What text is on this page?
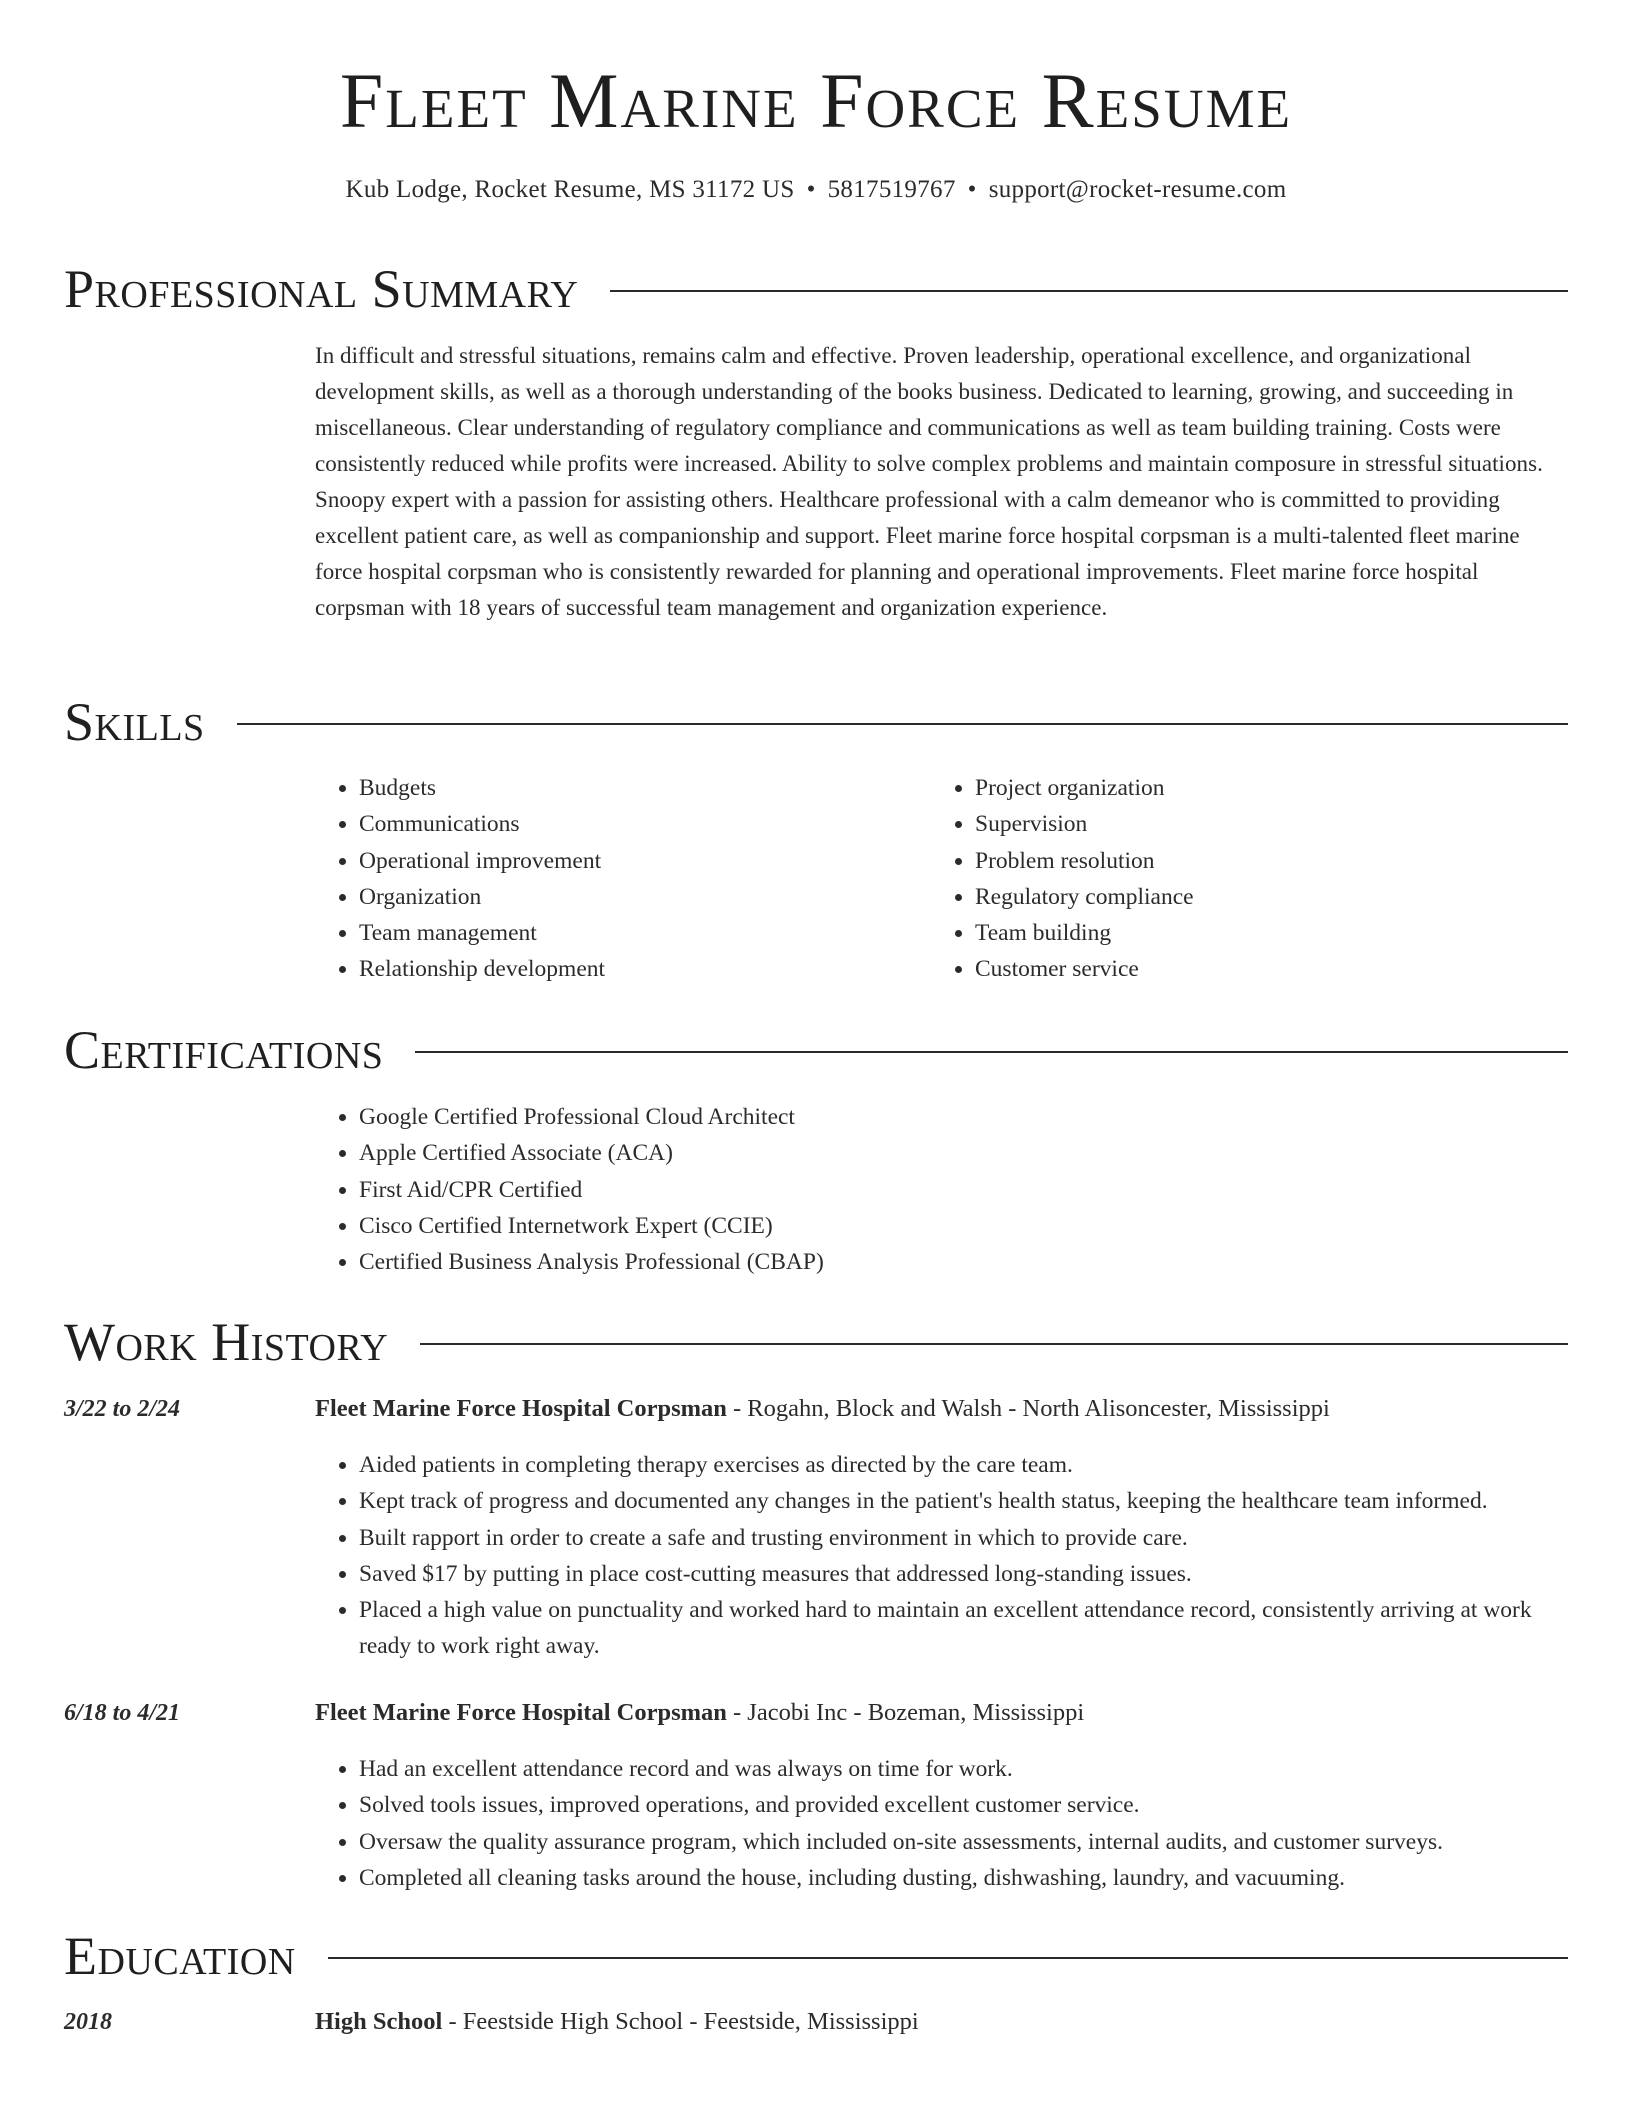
Fleet Marine Force Resume
Kub Lodge, Rocket Resume, MS 31172 US • 5817519767 • support@rocket-resume.com
Professional Summary
In difficult and stressful situations, remains calm and effective. Proven leadership, operational excellence, and organizational development skills, as well as a thorough understanding of the books business. Dedicated to learning, growing, and succeeding in miscellaneous. Clear understanding of regulatory compliance and communications as well as team building training. Costs were consistently reduced while profits were increased. Ability to solve complex problems and maintain composure in stressful situations. Snoopy expert with a passion for assisting others. Healthcare professional with a calm demeanor who is committed to providing excellent patient care, as well as companionship and support. Fleet marine force hospital corpsman is a multi-talented fleet marine force hospital corpsman who is consistently rewarded for planning and operational improvements. Fleet marine force hospital corpsman with 18 years of successful team management and organization experience.
Skills
• Budgets
• Communications
• Operational improvement
• Organization
• Team management
• Relationship development
• Project organization
• Supervision
• Problem resolution
• Regulatory compliance
• Team building
• Customer service
Certifications
• Google Certified Professional Cloud Architect
• Apple Certified Associate (ACA)
• First Aid/CPR Certified
• Cisco Certified Internetwork Expert (CCIE)
• Certified Business Analysis Professional (CBAP)
Work History
3/22 to 2/24	Fleet Marine Force Hospital Corpsman - Rogahn, Block and Walsh - North Alisoncester, Mississippi
• Aided patients in completing therapy exercises as directed by the care team.
• Kept track of progress and documented any changes in the patient's health status, keeping the healthcare team informed.
• Built rapport in order to create a safe and trusting environment in which to provide care.
• Saved $17 by putting in place cost-cutting measures that addressed long-standing issues.
• Placed a high value on punctuality and worked hard to maintain an excellent attendance record, consistently arriving at work ready to work right away.
6/18 to 4/21	Fleet Marine Force Hospital Corpsman - Jacobi Inc - Bozeman, Mississippi
• Had an excellent attendance record and was always on time for work.
• Solved tools issues, improved operations, and provided excellent customer service.
• Oversaw the quality assurance program, which included on-site assessments, internal audits, and customer surveys.
• Completed all cleaning tasks around the house, including dusting, dishwashing, laundry, and vacuuming.
Education
2018	High School - Feestside High School - Feestside, Mississippi
